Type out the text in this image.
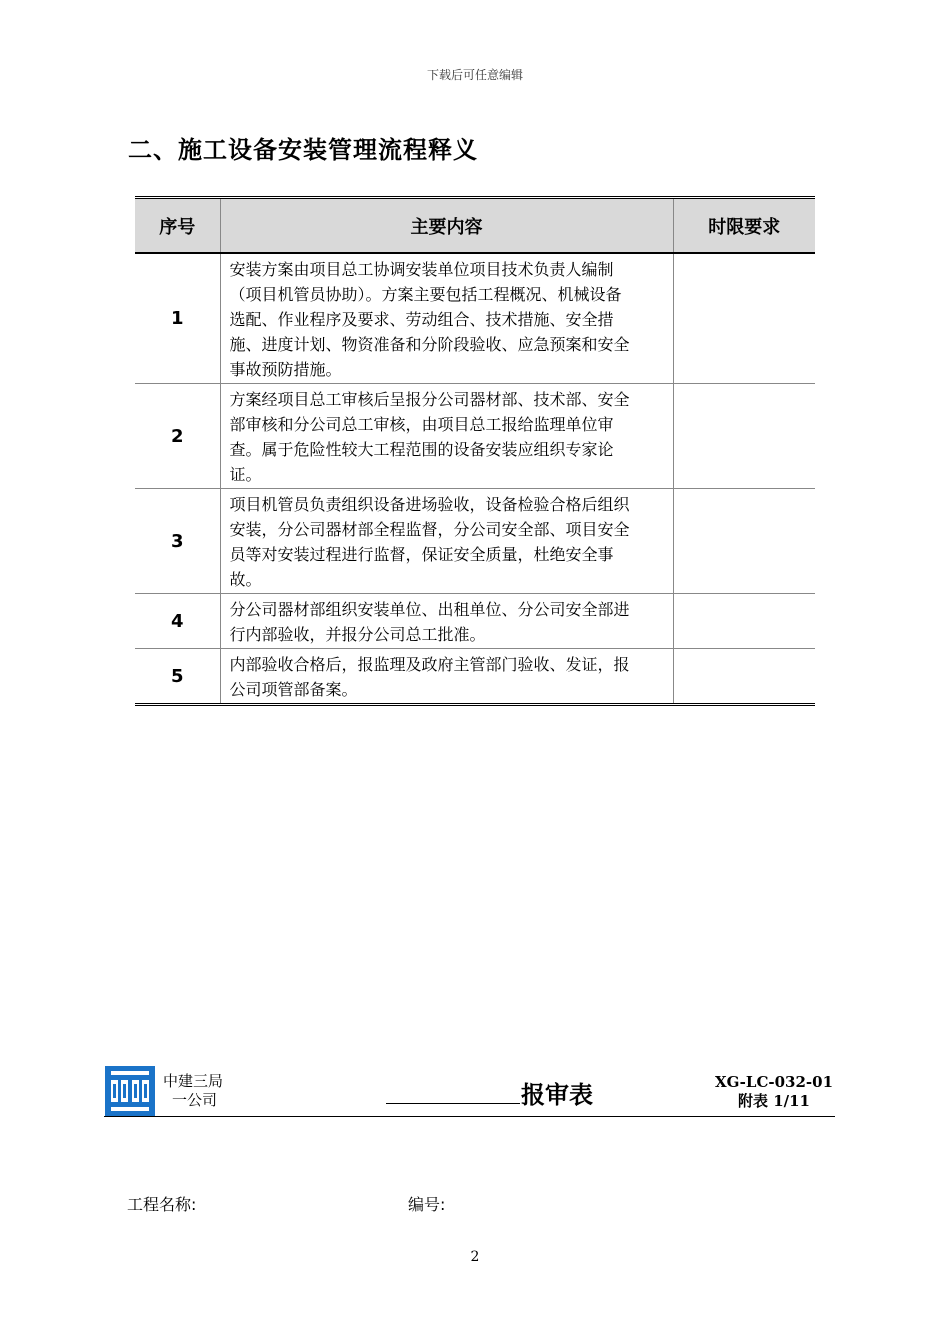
下载后可任意编辑
二、施工设备安装管理流程释义
序号	主要内容	时限要求
1	安装方案由项目总工协调安装单位项目技术负责人编制
（项目机管员协助）。方案主要包括工程概况、机械设备
选配、作业程序及要求、劳动组合、技术措施、安全措
施、进度计划、物资准备和分阶段验收、应急预案和安全
事故预防措施。	

2	方案经项目总工审核后呈报分公司器材部、技术部、安全
部审核和分公司总工审核，由项目总工报给监理单位审
查。属于危险性较大工程范围的设备安装应组织专家论
证。	

3	项目机管员负责组织设备进场验收，设备检验合格后组织
安装，分公司器材部全程监督，分公司安全部、项目安全
员等对安装过程进行监督，保证安全质量，杜绝安全事
故。	

4	分公司器材部组织安装单位、出租单位、分公司安全部进
行内部验收，并报分公司总工批准。	

5	内部验收合格后，报监理及政府主管部门验收、发证，报
公司项管部备案。	

中建三局
一公司	报审表	XG-LC-032-01
附表 1/11
工程名称:	编号:
2
